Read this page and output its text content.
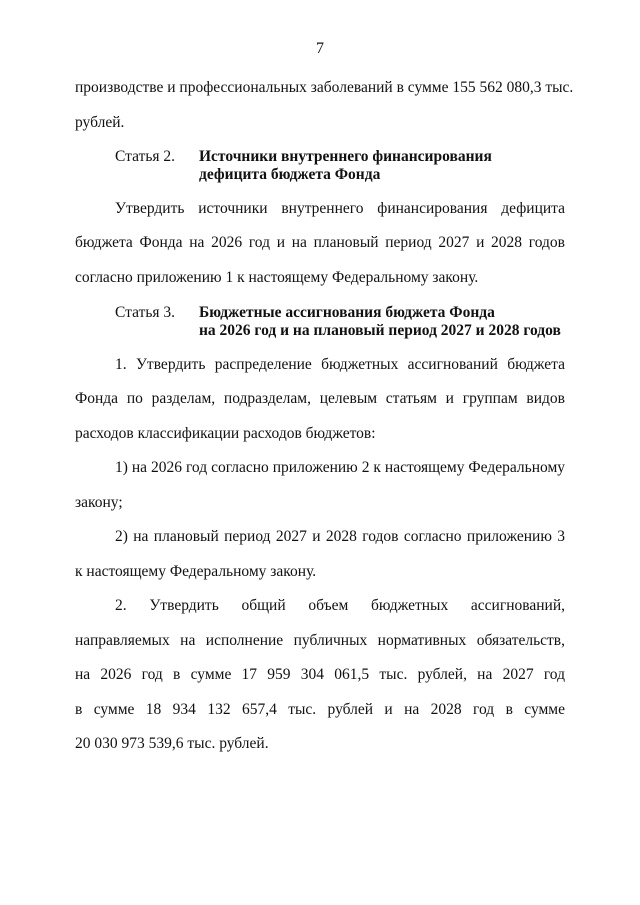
7
производстве и профессиональных заболеваний в сумме 155 562 080,3 тыс.
рублей.
Статья 2. Источники внутреннего финансирования
дефицита бюджета Фонда
Утвердить источники внутреннего финансирования дефицита
бюджета Фонда на 2026 год и на плановый период 2027 и 2028 годов
согласно приложению 1 к настоящему Федеральному закону.
Статья 3. Бюджетные ассигнования бюджета Фонда
на 2026 год и на плановый период 2027 и 2028 годов
1. Утвердить распределение бюджетных ассигнований бюджета
Фонда по разделам, подразделам, целевым статьям и группам видов
расходов классификации расходов бюджетов:
1) на 2026 год согласно приложению 2 к настоящему Федеральному
закону;
2) на плановый период 2027 и 2028 годов согласно приложению 3
к настоящему Федеральному закону.
2. Утвердить общий объем бюджетных ассигнований,
направляемых на исполнение публичных нормативных обязательств,
на 2026 год в сумме 17 959 304 061,5 тыс. рублей, на 2027 год
в сумме 18 934 132 657,4 тыс. рублей и на 2028 год в сумме
20 030 973 539,6 тыс. рублей.
